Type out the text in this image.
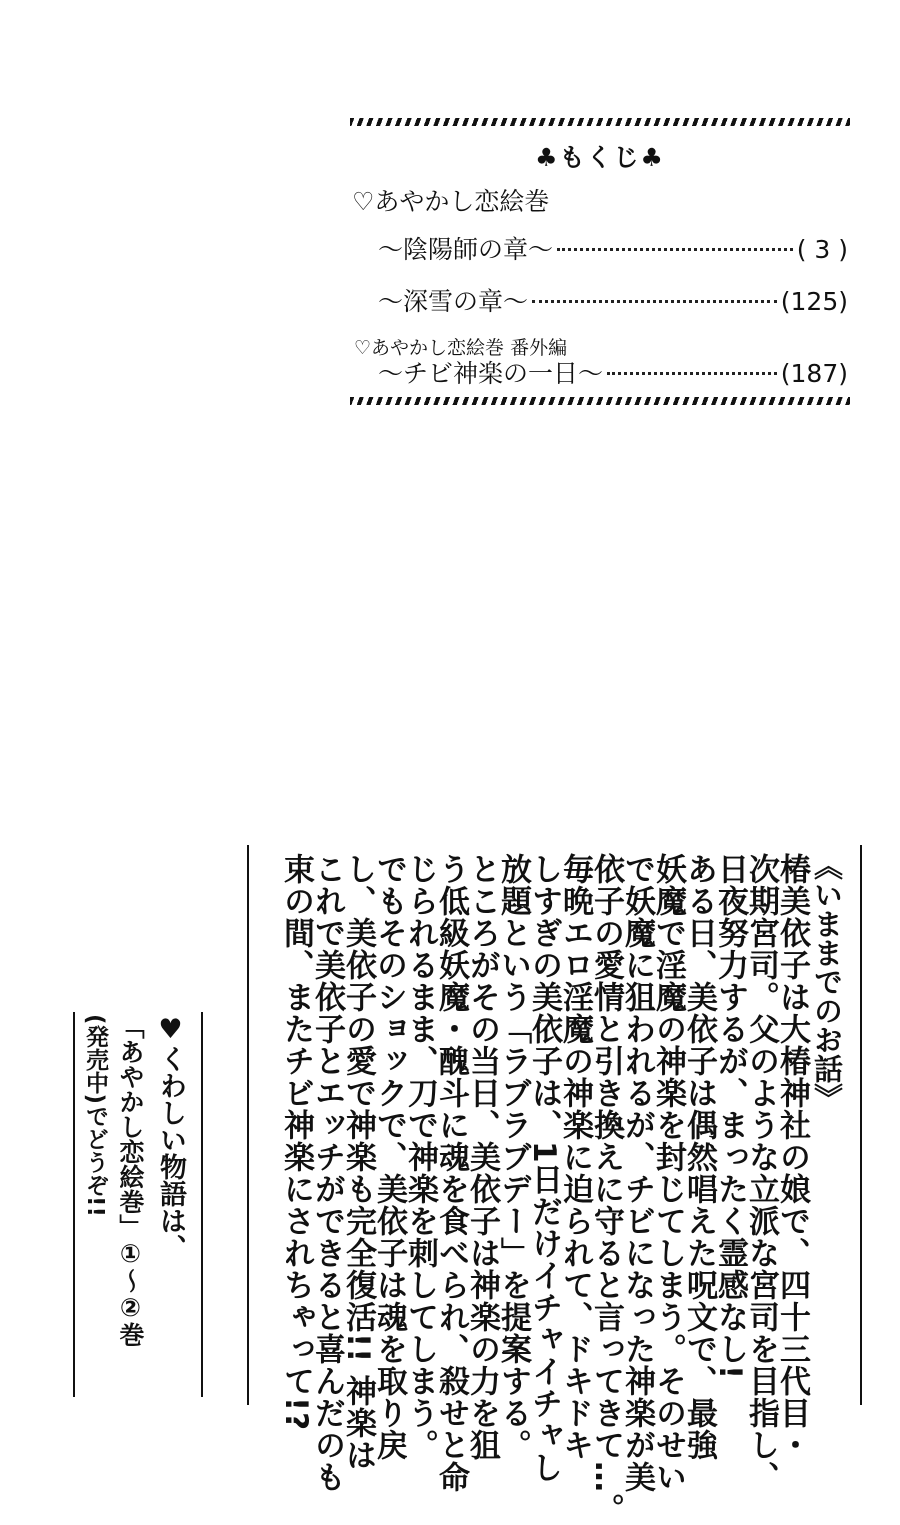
♣もくじ♣
♡あやかし恋絵巻
〜陰陽師の章〜	( 3 )
〜深雪の章〜	(125)
♡あやかし恋絵巻 番外編
〜チビ神楽の一日〜	(187)
《いままでのお話》
椿美依子は大椿神社の娘で、四十三代目・
次期宮司。父のような立派な宮司を目指し、
日夜努力するが、まったく霊感なし!
ある日、美依子は偶然唱えた呪文で、最強
妖魔で淫魔の神楽を封じてしまう。そのせい
で妖魔に狙われるが、チビになった神楽が美
依子の愛情と引き換えに守ると言ってきて…。
毎晩エロ淫魔の神楽に迫られて、ドキドキ
しすぎの美依子は、1日だけイチャイチャし
放題という「ラブラブデー」を提案する。
ところがその当日、美依子は神楽の力を狙
う低級妖魔・醜斗に魂を食べられ、殺せと命
じられるまま、刀で神楽を刺してしまう。
でもそのショックで、美依子は魂を取り戻
し、美依子の愛で神楽も完全復活!! 神楽は
これで美依子とエッチができると喜んだのも
束の間、またチビ神楽にされちゃって!?
♥くわしい物語は、
「あやかし恋絵巻」①〜②巻
(発売中)でどうぞ!!
